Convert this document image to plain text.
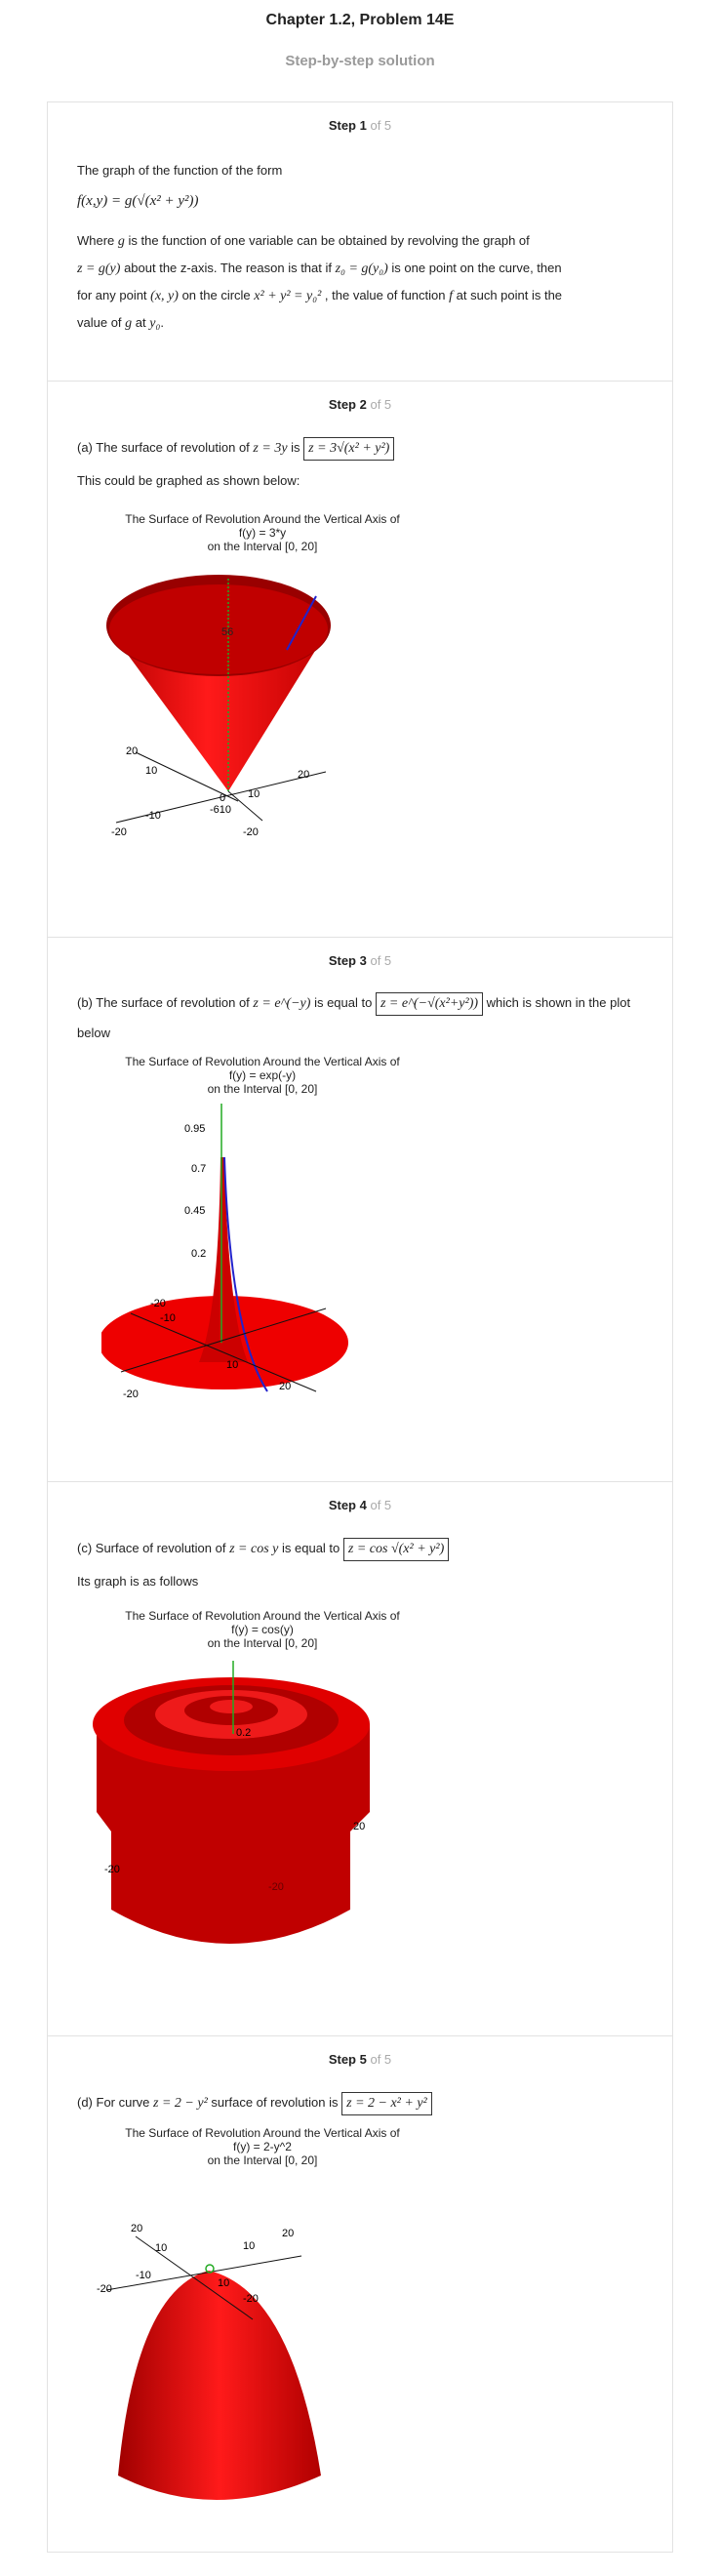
Chapter 1.2, Problem 14E
Step-by-step solution
Step 1 of 5
The graph of the function of the form
f(x,y) = g(√(x² + y²))
Where g is the function of one variable can be obtained by revolving the graph of
z = g(y) about the z-axis. The reason is that if z₀ = g(y₀) is one point on the curve, then
for any point (x, y) on the circle x² + y² = y₀² , the value of function f at such point is the
value of g at y₀.
Step 2 of 5
(a) The surface of revolution of z = 3y is z = 3√(x² + y²)
This could be graphed as shown below:
The Surface of Revolution Around the Vertical Axis of
f(y) = 3*y
on the Interval [0, 20]
56
20
10	20
10
-10
-20	-20
0
-610
Step 3 of 5
(b) The surface of revolution of z = e^(−y) is equal to z = e^(−√(x²+y²)) which is shown in the plot
below
The Surface of Revolution Around the Vertical Axis of
f(y) = exp(-y)
on the Interval [0, 20]
0.95
0.7
0.45
0.2
-20
-10
10
20
-20
Step 4 of 5
(c) Surface of revolution of z = cos y is equal to z = cos √(x² + y²)
Its graph is as follows
The Surface of Revolution Around the Vertical Axis of
f(y) = cos(y)
on the Interval [0, 20]
0.2
20
-20
-20
Step 5 of 5
(d) For curve z = 2 − y² surface of revolution is z = 2 − x² + y²
The Surface of Revolution Around the Vertical Axis of
f(y) = 2-y^2
on the Interval [0, 20]
20
10	10
20
-20
-10
10
-20
